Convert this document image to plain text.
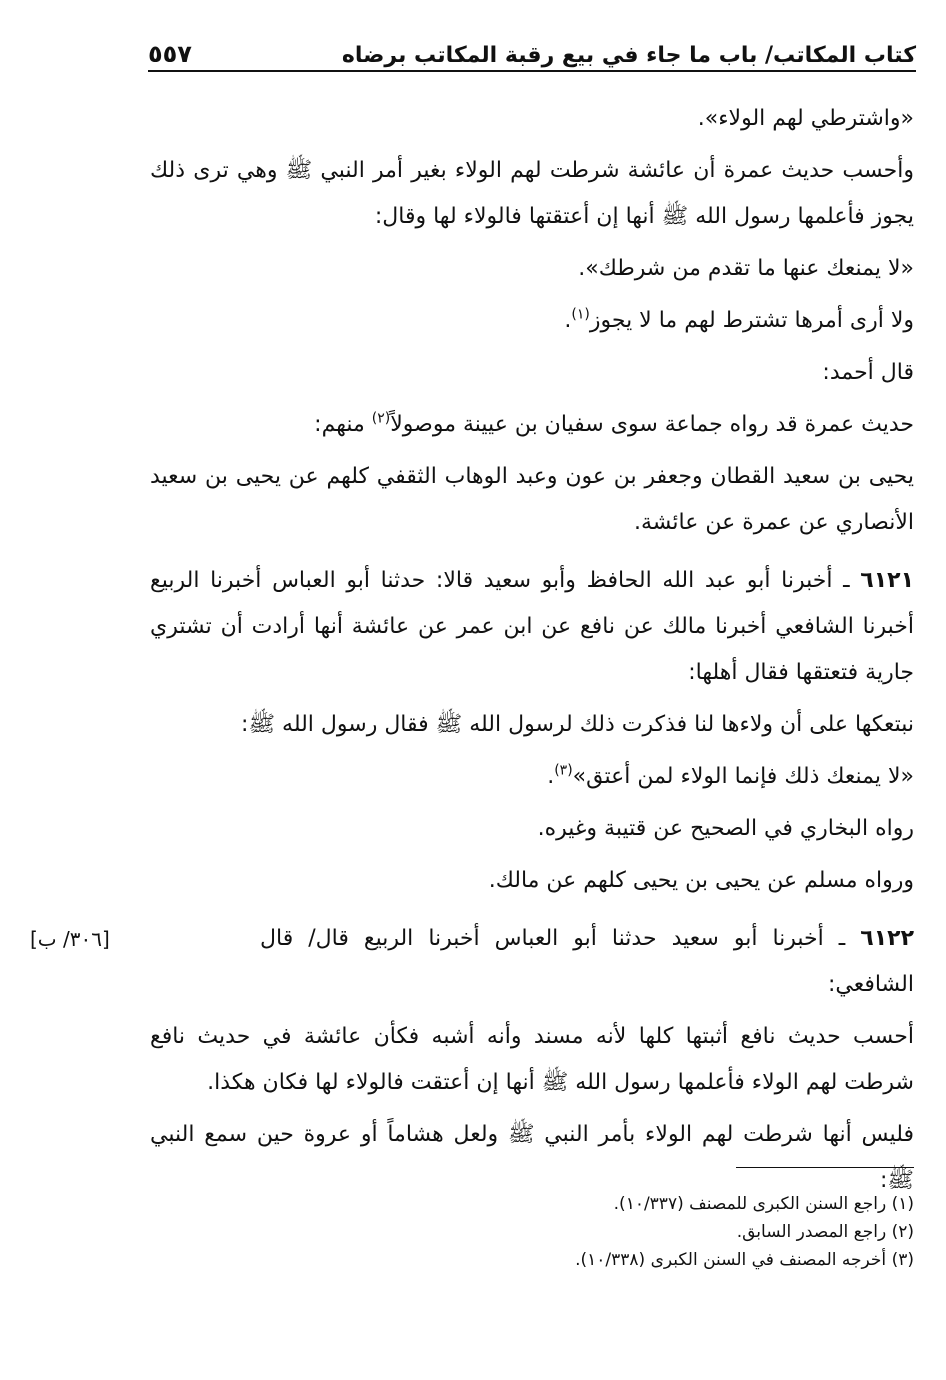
كتاب المكاتب/ باب ما جاء في بيع رقبة المكاتب برضاه
٥٥٧

«واشترطي لهم الولاء».

وأحسب حديث عمرة أن عائشة شرطت لهم الولاء بغير أمر النبي ﷺ وهي ترى ذلك يجوز فأعلمها رسول الله ﷺ أنها إن أعتقتها فالولاء لها وقال:

«لا يمنعك عنها ما تقدم من شرطك».

ولا أرى أمرها تشترط لهم ما لا يجوز$^{(١)}$.

قال أحمد:

حديث عمرة قد رواه جماعة سوى سفيان بن عيينة موصولاً$^{(٢)}$ منهم:

يحيى بن سعيد القطان وجعفر بن عون وعبد الوهاب الثقفي كلهم عن يحيى بن سعيد الأنصاري عن عمرة عن عائشة.

٦١٢١ ـ أخبرنا أبو عبد الله الحافظ وأبو سعيد قالا: حدثنا أبو العباس أخبرنا الربيع أخبرنا الشافعي أخبرنا مالك عن نافع عن ابن عمر عن عائشة أنها أرادت أن تشتري جارية فتعتقها فقال أهلها:

نبتعكها على أن ولاءها لنا فذكرت ذلك لرسول الله ﷺ فقال رسول الله ﷺ:

«لا يمنعك ذلك فإنما الولاء لمن أعتق»$^{(٣)}$.

رواه البخاري في الصحيح عن قتيبة وغيره.

ورواه مسلم عن يحيى بن يحيى كلهم عن مالك.

٦١٢٢ ـ أخبرنا أبو سعيد حدثنا أبو العباس أخبرنا الربيع قال/ قال الشافعي:
[٣٠٦/ ب]

أحسب حديث نافع أثبتها كلها لأنه مسند وأنه أشبه فكأن عائشة في حديث نافع شرطت لهم الولاء فأعلمها رسول الله ﷺ أنها إن أعتقت فالولاء لها فكان هكذا.

فليس أنها شرطت لهم الولاء بأمر النبي ﷺ ولعل هشاماً أو عروة حين سمع النبي ﷺ:

(١) راجع السنن الكبرى للمصنف (١٠/٣٣٧).

(٢) راجع المصدر السابق.

(٣) أخرجه المصنف في السنن الكبرى (١٠/٣٣٨).
